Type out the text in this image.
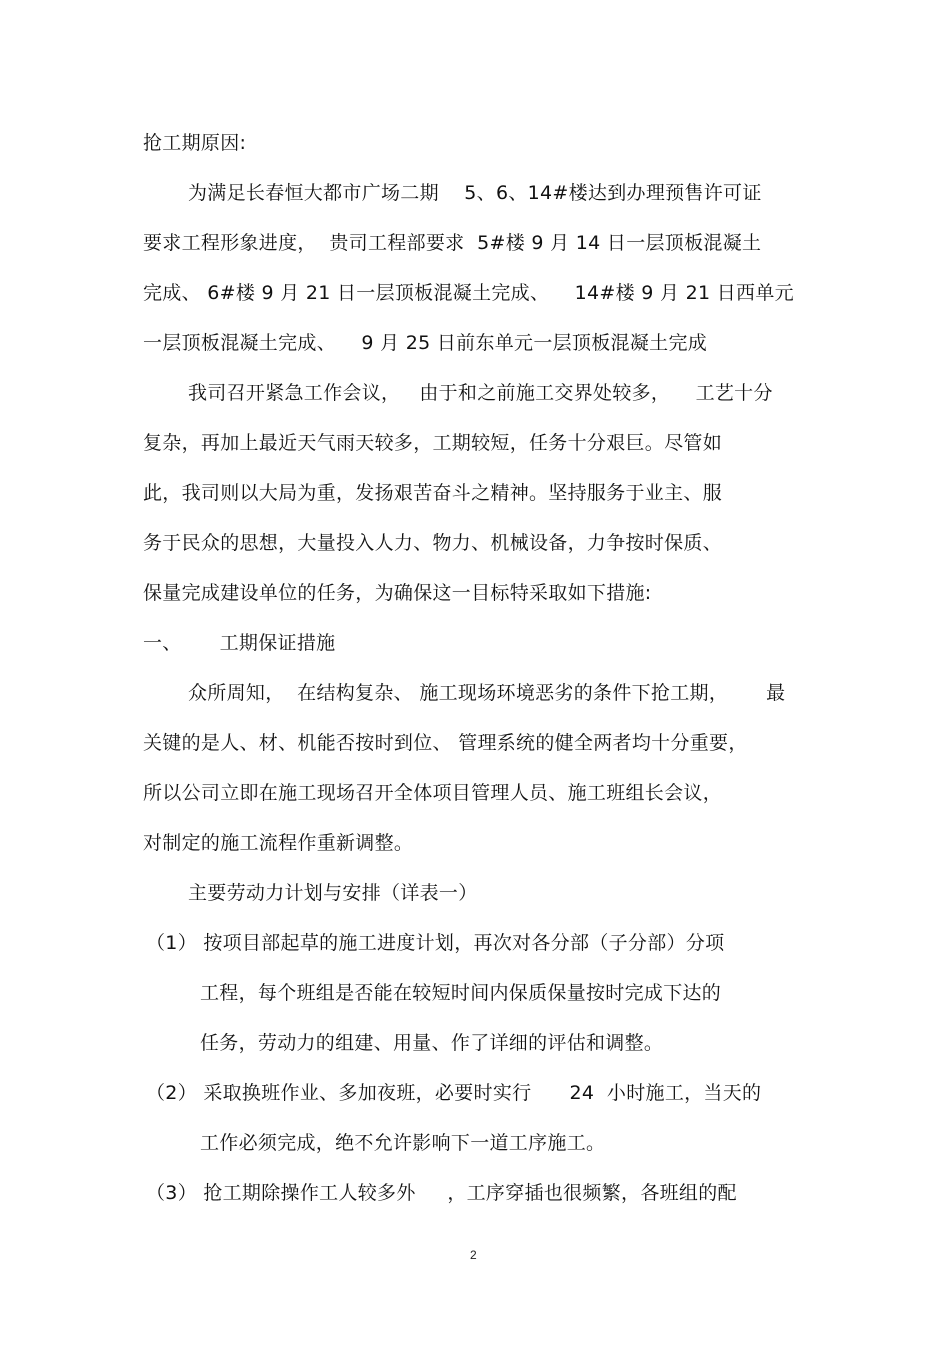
抢工期原因:
为满足长春恒大都市广场二期    5、6、14#楼达到办理预售许可证
要求工程形象进度，  贵司工程部要求  5#楼 9 月 14 日一层顶板混凝土
完成、 6#楼 9 月 21 日一层顶板混凝土完成、    14#楼 9 月 21 日西单元
一层顶板混凝土完成、    9 月 25 日前东单元一层顶板混凝土完成
我司召开紧急工作会议，   由于和之前施工交界处较多，    工艺十分
复杂，再加上最近天气雨天较多，工期较短，任务十分艰巨。尽管如
此，我司则以大局为重，发扬艰苦奋斗之精神。坚持服务于业主、服
务于民众的思想，大量投入人力、物力、机械设备，力争按时保质、
保量完成建设单位的任务，为确保这一目标特采取如下措施:
一、      工期保证措施
众所周知，  在结构复杂、 施工现场环境恶劣的条件下抢工期，      最
关键的是人、材、机能否按时到位、 管理系统的健全两者均十分重要，
所以公司立即在施工现场召开全体项目管理人员、施工班组长会议，
对制定的施工流程作重新调整。
主要劳动力计划与安排（详表一）
（1） 按项目部起草的施工进度计划，再次对各分部（子分部）分项
工程，每个班组是否能在较短时间内保质保量按时完成下达的
任务，劳动力的组建、用量、作了详细的评估和调整。
（2） 采取换班作业、多加夜班，必要时实行      24  小时施工，当天的
工作必须完成，绝不允许影响下一道工序施工。
（3） 抢工期除操作工人较多外     ，工序穿插也很频繁，各班组的配
2
